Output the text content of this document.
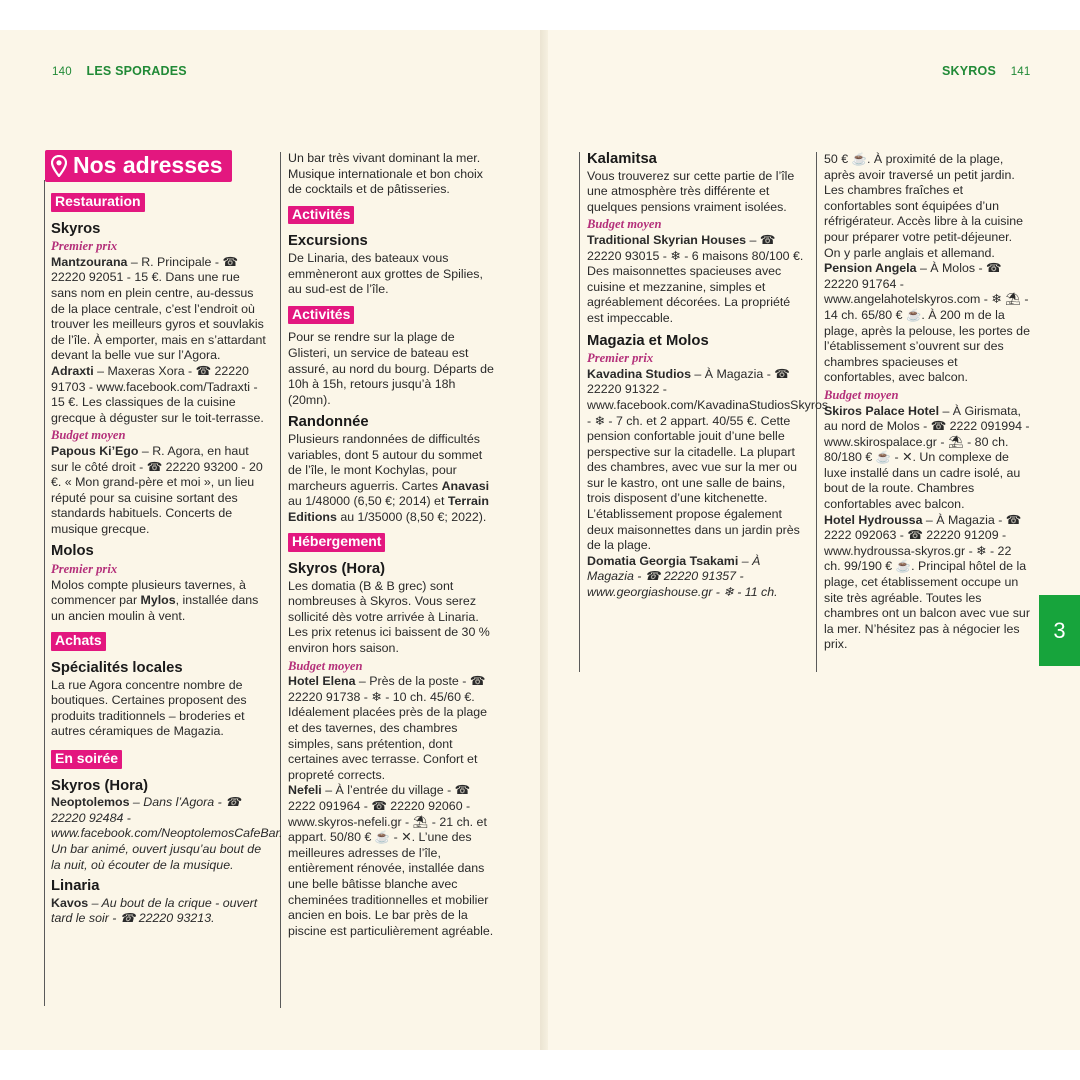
140 LES SPORADES	SKYROS 141
Nos adresses
Restauration
Skyros
Premier prix

Mantzourana – R. Principale - ☎ 22220 92051 - 15 €. Dans une rue sans nom en plein centre, au-dessus de la place centrale, c’est l’endroit où trouver les meilleurs gyros et souvlakis de l’île. À emporter, mais en s’attardant devant la belle vue sur l’Agora.

Adraxti – Maxeras Xora - ☎ 22220 91703 - www.facebook.com/Tadraxti - 15 €. Les classiques de la cuisine grecque à déguster sur le toit-terrasse.

Budget moyen

Papous Ki’Ego – R. Agora, en haut sur le côté droit - ☎ 22220 93200 - 20 €. « Mon grand-père et moi », un lieu réputé pour sa cuisine sortant des standards habituels. Concerts de musique grecque.

Molos
Premier prix

Molos compte plusieurs tavernes, à commencer par Mylos, installée dans un ancien moulin à vent.

Achats
Spécialités locales

La rue Agora concentre nombre de boutiques. Certaines proposent des produits traditionnels – broderies et autres céramiques de Magazia.

En soirée
Skyros (Hora)

Neoptolemos – Dans l’Agora - ☎ 22220 92484 - www.facebook.com/NeoptolemosCafeBar. Un bar animé, ouvert jusqu’au bout de la nuit, où écouter de la musique.

Linaria

Kavos – Au bout de la crique - ouvert tard le soir - ☎ 22220 93213.

Un bar très vivant dominant la mer. Musique internationale et bon choix de cocktails et de pâtisseries.

Activités
Excursions

De Linaria, des bateaux vous emmèneront aux grottes de Spilies, au sud-est de l’île.

Activités

Pour se rendre sur la plage de Glisteri, un service de bateau est assuré, au nord du bourg. Départs de 10h à 15h, retours jusqu’à 18h (20mn).

Randonnée

Plusieurs randonnées de difficultés variables, dont 5 autour du sommet de l’île, le mont Kochylas, pour marcheurs aguerris. Cartes Anavasi au 1/48000 (6,50 €; 2014) et Terrain Editions au 1/35000 (8,50 €; 2022).

Hébergement
Skyros (Hora)

Les domatia (B & B grec) sont nombreuses à Skyros. Vous serez sollicité dès votre arrivée à Linaria. Les prix retenus ici baissent de 30 % environ hors saison.

Budget moyen

Hotel Elena – Près de la poste - ☎ 22220 91738 - ❄ - 10 ch. 45/60 €. Idéalement placées près de la plage et des tavernes, des chambres simples, sans prétention, dont certaines avec terrasse. Confort et propreté corrects.

Nefeli – À l’entrée du village - ☎ 2222 091964 - ☎ 22220 92060 - www.skyros-nefeli.gr - ⛱ - 21 ch. et appart. 50/80 € ☕ - ✕. L’une des meilleures adresses de l’île, entièrement rénovée, installée dans une belle bâtisse blanche avec cheminées traditionnelles et mobilier ancien en bois. Le bar près de la piscine est particulièrement agréable.

Kalamitsa

Vous trouverez sur cette partie de l’île une atmosphère très différente et quelques pensions vraiment isolées.

Budget moyen

Traditional Skyrian Houses – ☎ 22220 93015 - ❄ - 6 maisons 80/100 €. Des maisonnettes spacieuses avec cuisine et mezzanine, simples et agréablement décorées. La propriété est impeccable.

Magazia et Molos
Premier prix

Kavadina Studios – À Magazia - ☎ 22220 91322 - www.facebook.com/KavadinaStudiosSkyros - ❄ - 7 ch. et 2 appart. 40/55 €. Cette pension confortable jouit d’une belle perspective sur la citadelle. La plupart des chambres, avec vue sur la mer ou sur le kastro, ont une salle de bains, trois disposent d’une kitchenette. L’établissement propose également deux maisonnettes dans un jardin près de la plage.

Domatia Georgia Tsakami – À Magazia - ☎ 22220 91357 - www.georgiashouse.gr - ❄ - 11 ch.

50 € ☕. À proximité de la plage, après avoir traversé un petit jardin. Les chambres fraîches et confortables sont équipées d’un réfrigérateur. Accès libre à la cuisine pour préparer votre petit-déjeuner. On y parle anglais et allemand.

Pension Angela – À Molos - ☎ 22220 91764 - www.angelahotelskyros.com - ❄ ⛱ - 14 ch. 65/80 € ☕. À 200 m de la plage, après la pelouse, les portes de l’établissement s’ouvrent sur des chambres spacieuses et confortables, avec balcon.

Budget moyen

Skiros Palace Hotel – À Girismata, au nord de Molos - ☎ 2222 091994 - www.skirospalace.gr - ⛱ - 80 ch. 80/180 € ☕ - ✕. Un complexe de luxe installé dans un cadre isolé, au bout de la route. Chambres confortables avec balcon.

Hotel Hydroussa – À Magazia - ☎ 2222 092063 - ☎ 22220 91209 - www.hydroussa-skyros.gr - ❄ - 22 ch. 99/190 € ☕. Principal hôtel de la plage, cet établissement occupe un site très agréable. Toutes les chambres ont un balcon avec vue sur la mer. N’hésitez pas à négocier les prix.

3
